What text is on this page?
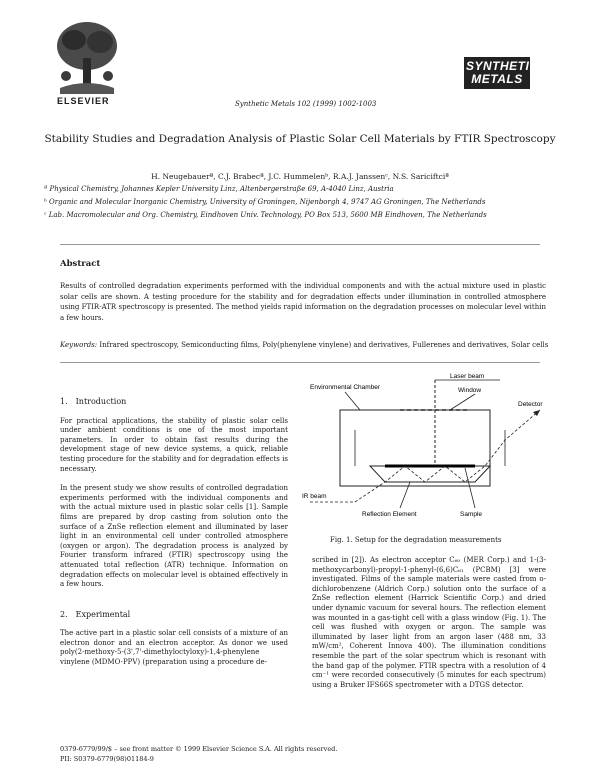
ELSEVIER	Synthetic Metals 102 (1999) 1002-1003
SYNTHETIC
METALS
Stability Studies and Degradation Analysis of Plastic Solar Cell Materials by FTIR Spectroscopy
H. Neugebauerª, C.J. Brabecª, J.C. Hummelenᵇ, R.A.J. Janssenᶜ, N.S. Sariciftciª
ª Physical Chemistry, Johannes Kepler University Linz, Altenbergerstraße 69, A-4040 Linz, Austria
ᵇ Organic and Molecular Inorganic Chemistry, University of Groningen, Nijenborgh 4, 9747 AG Groningen, The Netherlands
ᶜ Lab. Macromolecular and Org. Chemistry, Eindhoven Univ. Technology, PO Box 513, 5600 MB Eindhoven, The Netherlands
Abstract
Results of controlled degradation experiments performed with the individual components and with the actual mixture used in plastic solar cells are shown. A testing procedure for the stability and for degradation effects under illumination in controlled atmosphere using FTIR-ATR spectroscopy is presented. The method yields rapid information on the degradation processes on molecular level within a few hours.
Keywords: Infrared spectroscopy, Semiconducting films, Poly(phenylene vinylene) and derivatives, Fullerenes and derivatives, Solar cells

1. Introduction

For practical applications, the stability of plastic solar cells under ambient conditions is one of the most important parameters. In order to obtain fast results during the development stage of new device systems, a quick, reliable testing procedure for the stability and for degradation effects is necessary.

In the present study we show results of controlled degradation experiments performed with the individual components and with the actual mixture used in plastic solar cells [1]. Sample films are prepared by drop casting from solution onto the surface of a ZnSe reflection element and illuminated by laser light in an environmental cell under controlled atmosphere (oxygen or argon). The degradation process is analyzed by Fourier transform infrared (FTIR) spectroscopy using the attenuated total reflection (ATR) technique. Information on degradation effects on molecular level is obtained effectively in a few hours.

2. Experimental

The active part in a plastic solar cell consists of a mixture of an electron donor and an electron acceptor. As donor we used poly(2-methoxy-5-(3',7'-dimethyloctyloxy)-1,4-phenylene vinylene (MDMO-PPV) (preparation using a procedure de-

Laser beam
Environmental Chamber	Window
Detector
IR beam
Reflection Element	Sample
Fig. 1. Setup for the degradation measurements

scribed in [2]). As electron acceptor C₆₀ (MER Corp.) and 1-(3-methoxycarbonyl)-propyl-1-phenyl-(6,6)C₆₁ (PCBM) [3] were investigated. Films of the sample materials were casted from o-dichlorobenzene (Aldrich Corp.) solution onto the surface of a ZnSe reflection element (Harrick Scientific Corp.) and dried under dynamic vacuum for several hours. The reflection element was mounted in a gas-tight cell with a glass window (Fig. 1). The cell was flushed with oxygen or argon. The sample was illuminated by laser light from an argon laser (488 nm, 33 mW/cm², Coherent Innova 400). The illumination conditions resemble the part of the solar spectrum which is resonant with the band gap of the polymer. FTIR spectra with a resolution of 4 cm⁻¹ were recorded consecutively (5 minutes for each spectrum) using a Bruker IFS66S spectrometer with a DTGS detector.

0379-6779/99/$ – see front matter © 1999 Elsevier Science S.A. All rights reserved.
PII: S0379-6779(98)01184-9
